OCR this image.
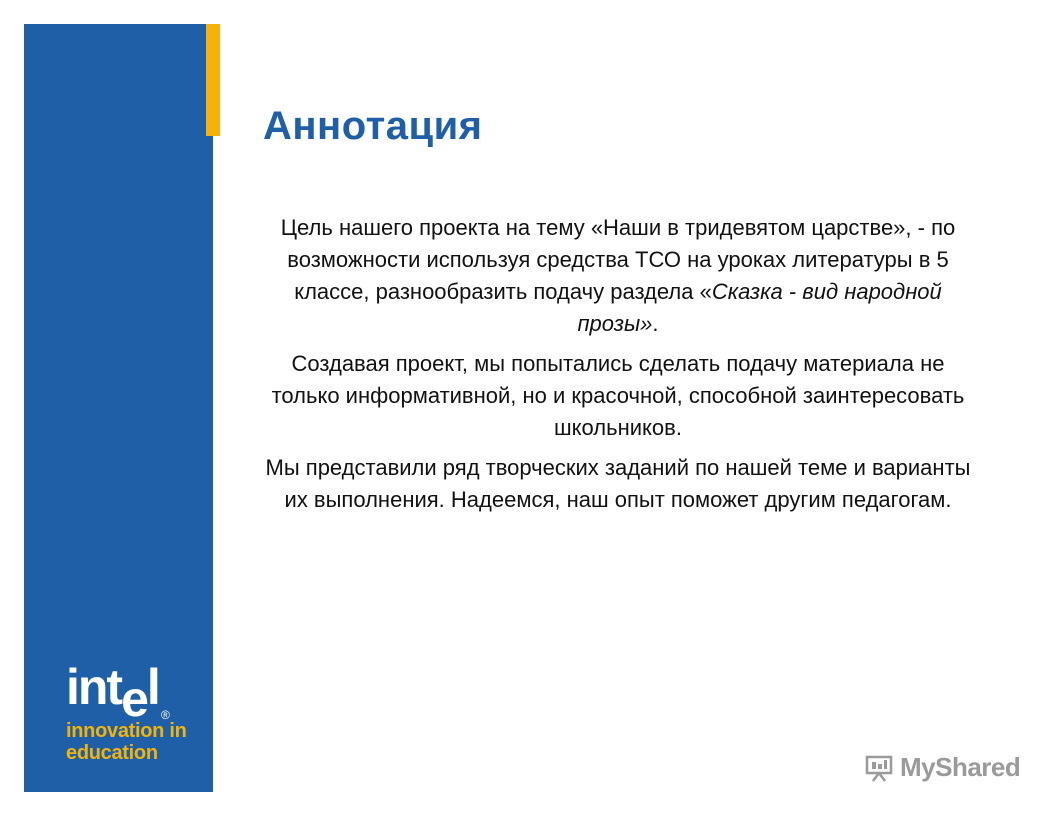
Аннотация

Цель нашего проекта на тему «Наши в тридевятом царстве», - по возможности используя средства ТСО на уроках литературы в 5 классе, разнообразить подачу раздела «Сказка - вид народной прозы».

Создавая проект, мы попытались сделать подачу материала не только информативной, но и красочной, способной заинтересовать школьников.

Мы представили ряд творческих заданий по нашей теме и варианты их выполнения. Надеемся, наш опыт поможет другим педагогам.

intel ®
innovation in
education	MyShared
